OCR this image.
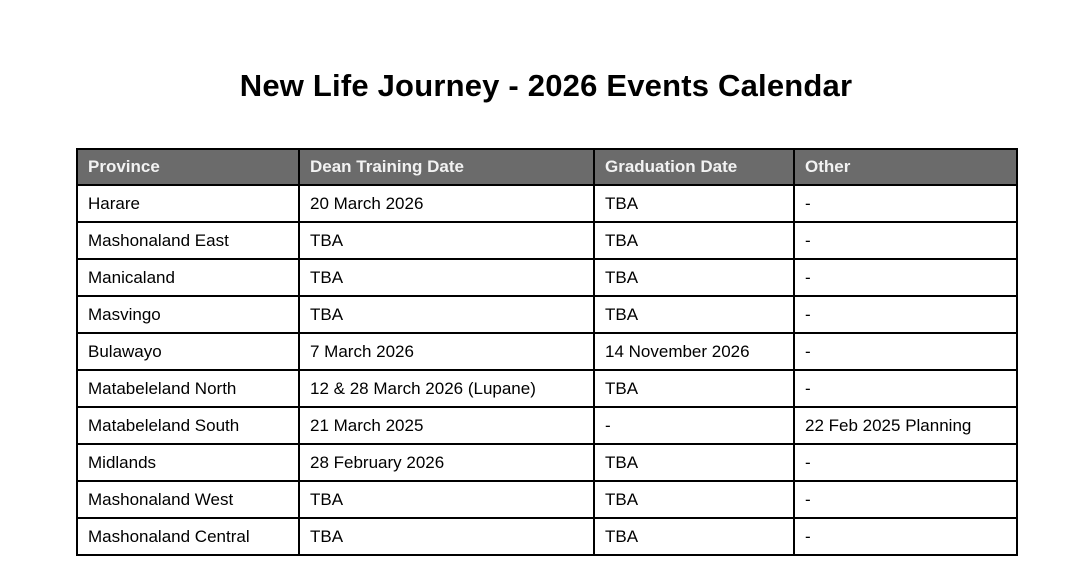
New Life Journey - 2026 Events Calendar
Province	Dean Training Date	Graduation Date	Other
Harare	20 March 2026	TBA	-
Mashonaland East	TBA	TBA	-
Manicaland	TBA	TBA	-
Masvingo	TBA	TBA	-
Bulawayo	7 March 2026	14 November 2026	-
Matabeleland North	12 & 28 March 2026 (Lupane)	TBA	-
Matabeleland South	21 March 2025	-	22 Feb 2025 Planning
Midlands	28 February 2026	TBA	-
Mashonaland West	TBA	TBA	-
Mashonaland Central	TBA	TBA	-
